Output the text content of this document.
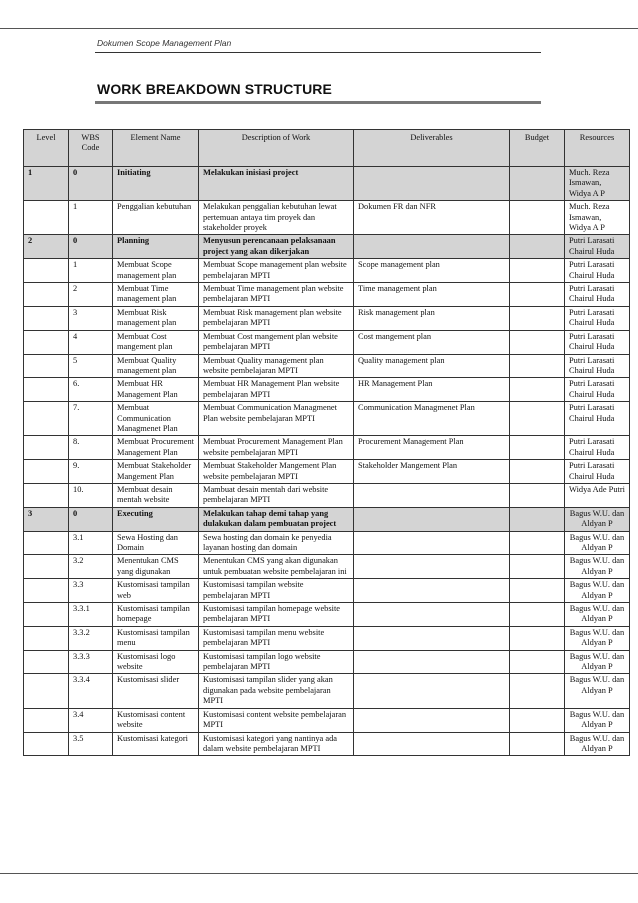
Dokumen Scope Management Plan
WORK BREAKDOWN STRUCTURE
Level	WBS Code	Element Name	Description of Work	Deliverables	Budget	Resources
1	0	Initiating	Melakukan inisiasi project			Much. Reza Ismawan, Widya A P
	1	Penggalian kebutuhan	Melakukan penggalian kebutuhan lewat pertemuan antaya tim proyek dan stakeholder proyek	Dokumen FR dan NFR		Much. Reza Ismawan, Widya A P
2	0	Planning	Menyusun perencanaan pelaksanaan project yang akan dikerjakan			Putri Larasati Chairul Huda
	1	Membuat Scope management plan	Membuat Scope management plan website pembelajaran MPTI	Scope management plan		Putri Larasati Chairul Huda
	2	Membuat Time management plan	Membuat Time management plan website pembelajaran MPTI	Time management plan		Putri Larasati Chairul Huda
	3	Membuat Risk management plan	Membuat Risk management plan website pembelajaran MPTI	Risk management plan		Putri Larasati Chairul Huda
	4	Membuat Cost mangement plan	Membuat Cost mangement plan website pembelajaran MPTI	Cost mangement plan		Putri Larasati Chairul Huda
	5	Membuat Quality management plan	Membuat Quality management plan website pembelajaran MPTI	Quality management plan		Putri Larasati Chairul Huda
	6.	Membuat HR Management Plan	Membuat HR Management Plan website pembelajaran MPTI	HR Management Plan		Putri Larasati Chairul Huda
	7.	Membuat Communication Managmenet Plan	Membuat Communication Managmenet Plan website pembelajaran MPTI	Communication Managmenet Plan		Putri Larasati Chairul Huda
	8.	Membuat Procurement Management Plan	Membuat Procurement Management Plan website pembelajaran MPTI	Procurement Management Plan		Putri Larasati Chairul Huda
	9.	Membuat Stakeholder Mangement Plan	Membuat Stakeholder Mangement Plan website pembelajaran MPTI	Stakeholder Mangement Plan		Putri Larasati Chairul Huda
	10.	Membuat desain mentah website	Mambuat desain mentah dari website pembelajaran MPTI			Widya Ade Putri
3	0	Executing	Melakukan tahap demi tahap yang dulakukan dalam pembuatan project			Bagus W.U. dan Aldyan P
	3.1	Sewa Hosting dan Domain	Sewa hosting dan domain ke penyedia layanan hosting dan domain			Bagus W.U. dan Aldyan P
	3.2	Menentukan CMS yang digunakan	Menentukan CMS yang akan digunakan untuk pembuatan website pembelajaran ini			Bagus W.U. dan Aldyan P
	3.3	Kustomisasi tampilan web	Kustomisasi tampilan website pembelajaran MPTI			Bagus W.U. dan Aldyan P
	3.3.1	Kustomisasi tampilan homepage	Kustomisasi tampilan homepage website pembelajaran MPTI			Bagus W.U. dan Aldyan P
	3.3.2	Kustomisasi tampilan menu	Kustomisasi tampilan menu website pembelajaran MPTI			Bagus W.U. dan Aldyan P
	3.3.3	Kustomisasi logo website	Kustomisasi tampilan logo website pembelajaran MPTI			Bagus W.U. dan Aldyan P
	3.3.4	Kustomisasi slider	Kustomisasi tampilan slider yang akan digunakan pada website pembelajaran MPTI			Bagus W.U. dan Aldyan P
	3.4	Kustomisasi content website	Kustomisasi content website pembelajaran MPTI			Bagus W.U. dan Aldyan P
	3.5	Kustomisasi kategori	Kustomisasi kategori yang nantinya ada dalam website pembelajaran MPTI			Bagus W.U. dan Aldyan P
